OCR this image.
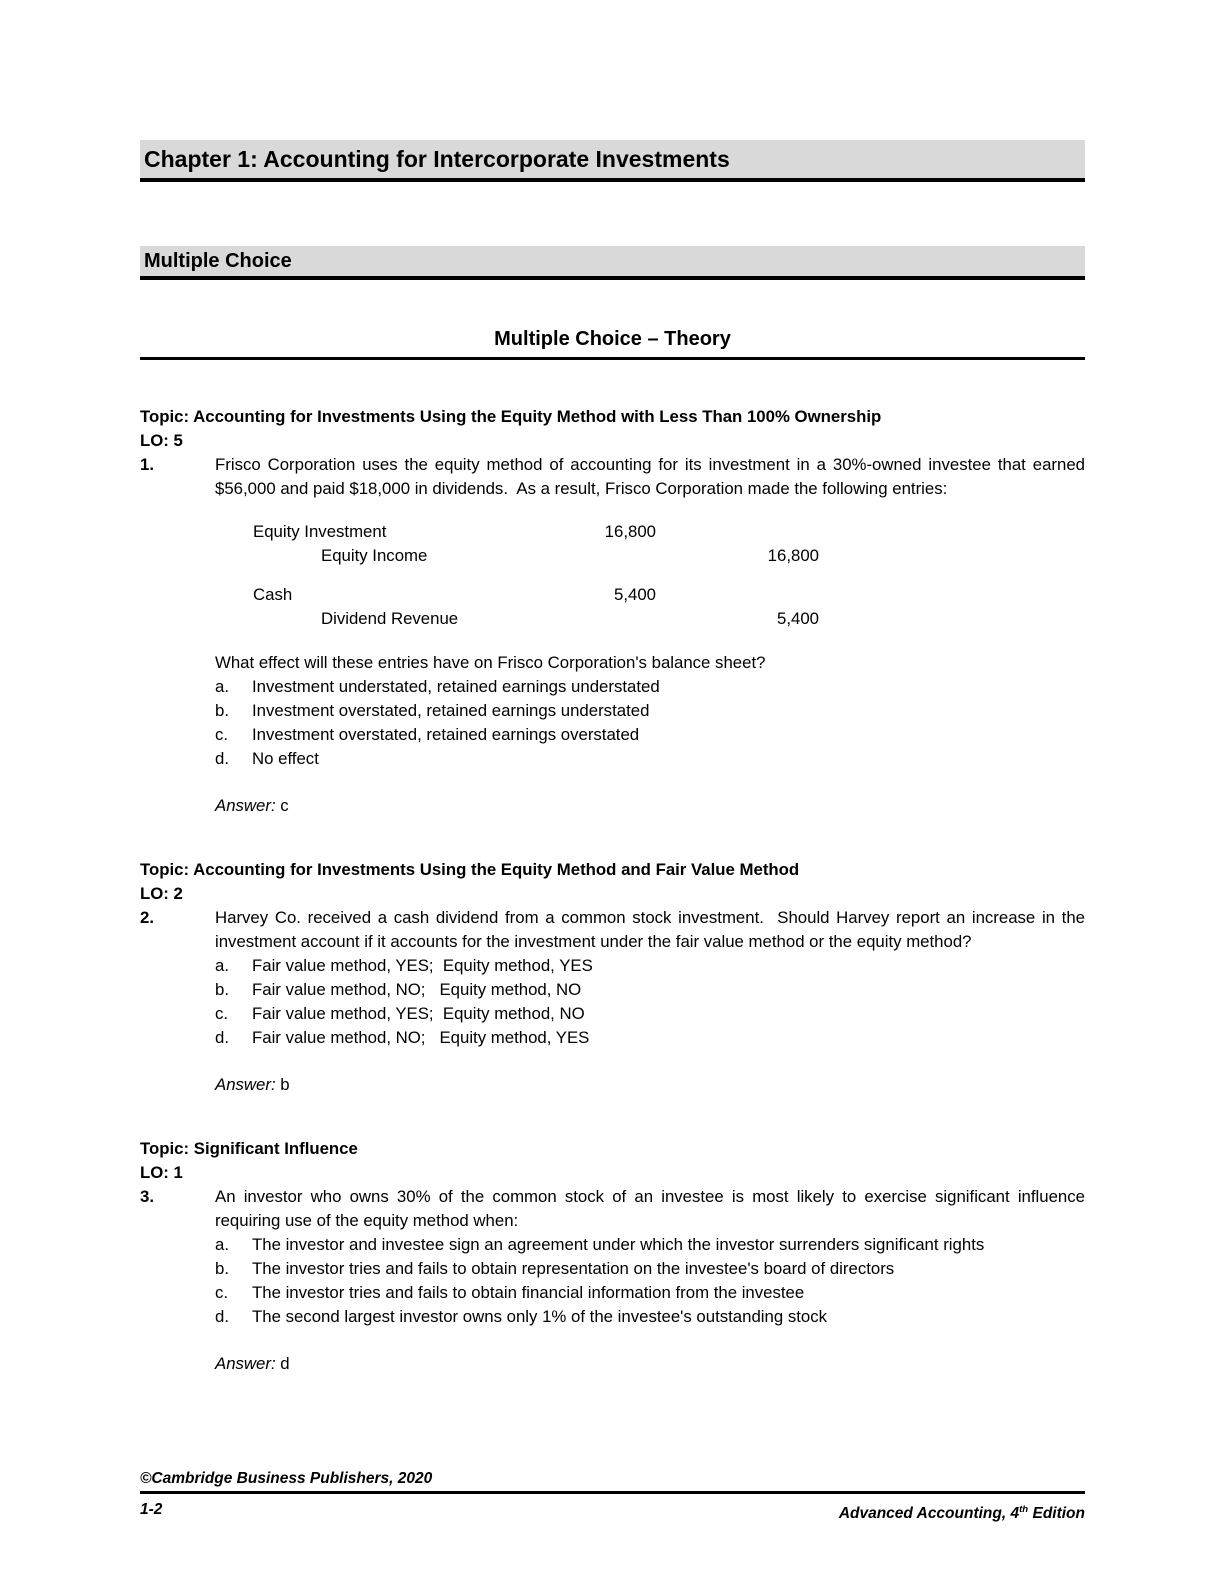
Chapter 1: Accounting for Intercorporate Investments
Multiple Choice
Multiple Choice – Theory
Topic: Accounting for Investments Using the Equity Method with Less Than 100% Ownership
LO: 5
1.	Frisco Corporation uses the equity method of accounting for its investment in a 30%-owned investee that earned $56,000 and paid $18,000 in dividends.  As a result, Frisco Corporation made the following entries:
Equity Investment	16,800
Equity Income	16,800
Cash	5,400
Dividend Revenue	5,400
What effect will these entries have on Frisco Corporation's balance sheet?
a.	Investment understated, retained earnings understated
b.	Investment overstated, retained earnings understated
c.	Investment overstated, retained earnings overstated
d.	No effect
Answer: c
Topic: Accounting for Investments Using the Equity Method and Fair Value Method
LO: 2
2.	Harvey Co. received a cash dividend from a common stock investment.  Should Harvey report an increase in the investment account if it accounts for the investment under the fair value method or the equity method?
a.	Fair value method, YES;  Equity method, YES
b.	Fair value method, NO;   Equity method, NO
c.	Fair value method, YES;  Equity method, NO
d.	Fair value method, NO;   Equity method, YES
Answer: b
Topic: Significant Influence
LO: 1
3.	An investor who owns 30% of the common stock of an investee is most likely to exercise significant influence requiring use of the equity method when:
a.	The investor and investee sign an agreement under which the investor surrenders significant rights
b.	The investor tries and fails to obtain representation on the investee's board of directors
c.	The investor tries and fails to obtain financial information from the investee
d.	The second largest investor owns only 1% of the investee's outstanding stock
Answer: d
©Cambridge Business Publishers, 2020
1-2	Advanced Accounting, 4th Edition
